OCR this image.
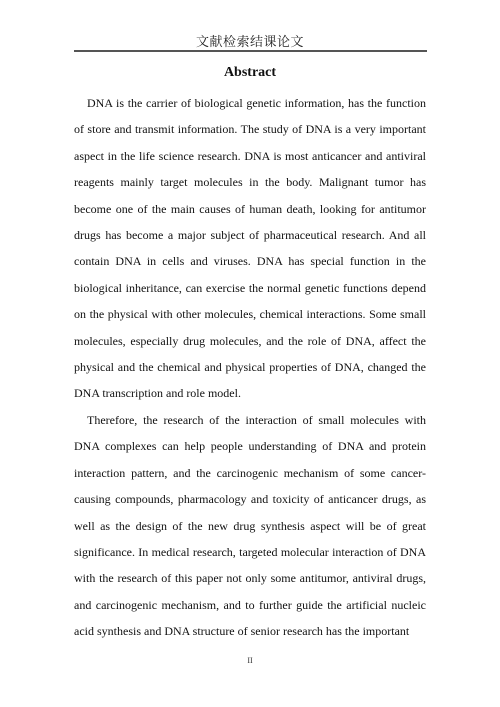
文献检索结课论文
Abstract

DNA is the carrier of biological genetic information, has the function of store and transmit information. The study of DNA is a very important aspect in the life science research. DNA is most anticancer and antiviral reagents mainly target molecules in the body. Malignant tumor has become one of the main causes of human death, looking for antitumor drugs has become a major subject of pharmaceutical research. And all contain DNA in cells and viruses. DNA has special function in the biological inheritance, can exercise the normal genetic functions depend on the physical with other molecules, chemical interactions. Some small molecules, especially drug molecules, and the role of DNA, affect the physical and the chemical and physical properties of DNA, changed the DNA transcription and role model.

Therefore, the research of the interaction of small molecules with DNA complexes can help people understanding of DNA and protein interaction pattern, and the carcinogenic mechanism of some cancer-causing compounds, pharmacology and toxicity of anticancer drugs, as well as the design of the new drug synthesis aspect will be of great significance. In medical research, targeted molecular interaction of DNA with the research of this paper not only some antitumor, antiviral drugs, and carcinogenic mechanism, and to further guide the artificial nucleic acid synthesis and DNA structure of senior research has the important

II
